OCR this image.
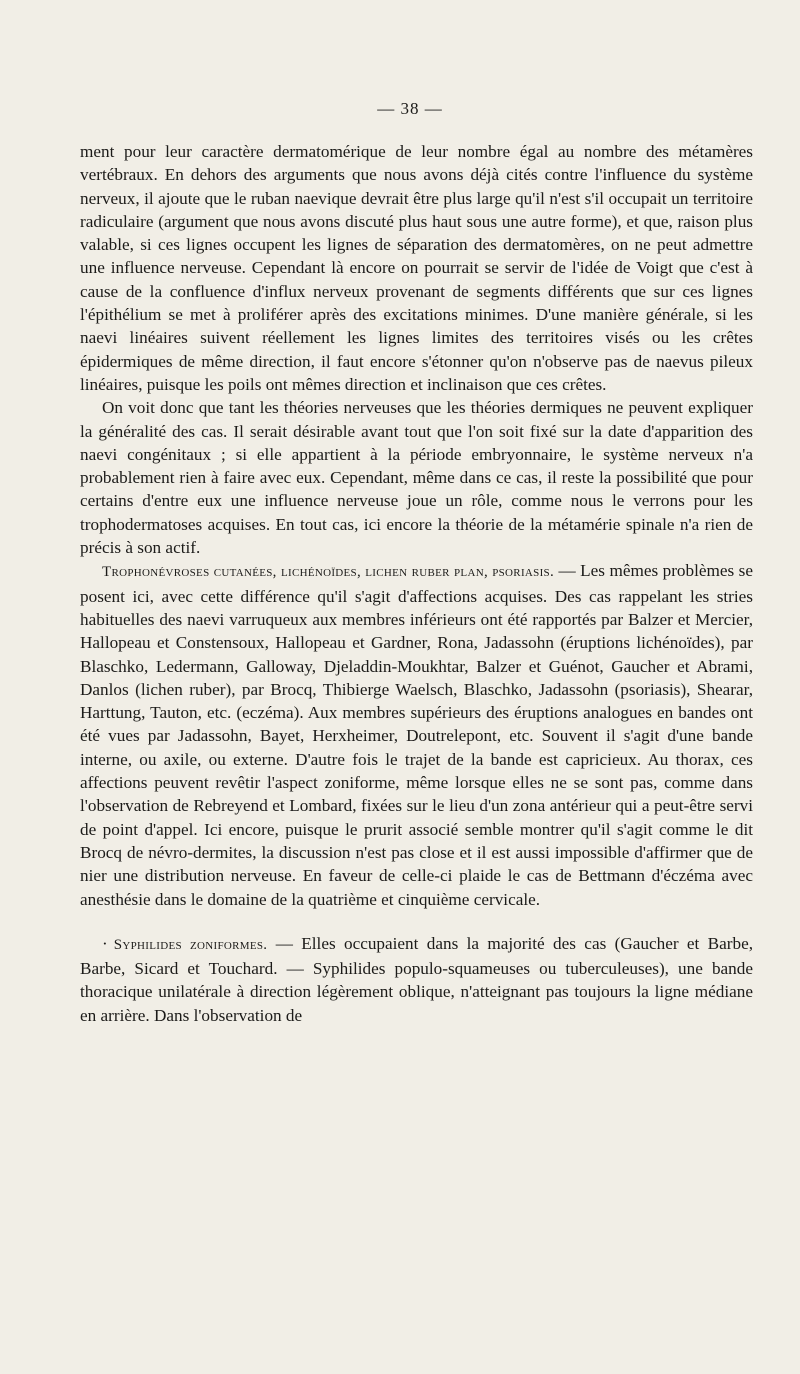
— 38 —

ment pour leur caractère dermatomérique de leur nombre égal au nombre des métamères vertébraux. En dehors des arguments que nous avons déjà cités contre l'influence du système nerveux, il ajoute que le ruban naevique devrait être plus large qu'il n'est s'il occupait un territoire radiculaire (argument que nous avons discuté plus haut sous une autre forme), et que, raison plus valable, si ces lignes occupent les lignes de séparation des dermatomères, on ne peut admettre une influence nerveuse. Cependant là encore on pourrait se servir de l'idée de Voigt que c'est à cause de la confluence d'influx nerveux provenant de segments différents que sur ces lignes l'épithélium se met à proliférer après des excitations minimes. D'une manière générale, si les naevi linéaires suivent réellement les lignes limites des territoires visés ou les crêtes épidermiques de même direction, il faut encore s'étonner qu'on n'observe pas de naevus pileux linéaires, puisque les poils ont mêmes direction et inclinaison que ces crêtes.

On voit donc que tant les théories nerveuses que les théories dermiques ne peuvent expliquer la généralité des cas. Il serait désirable avant tout que l'on soit fixé sur la date d'apparition des naevi congénitaux ; si elle appartient à la période embryonnaire, le système nerveux n'a probablement rien à faire avec eux. Cependant, même dans ce cas, il reste la possibilité que pour certains d'entre eux une influence nerveuse joue un rôle, comme nous le verrons pour les trophodermatoses acquises. En tout cas, ici encore la théorie de la métamérie spinale n'a rien de précis à son actif.

Trophonévroses cutanées, lichénoïdes, lichen ruber plan, psoriasis. — Les mêmes problèmes se posent ici, avec cette différence qu'il s'agit d'affections acquises. Des cas rappelant les stries habituelles des naevi varruqueux aux membres inférieurs ont été rapportés par Balzer et Mercier, Hallopeau et Constensoux, Hallopeau et Gardner, Rona, Jadassohn (éruptions lichénoïdes), par Blaschko, Ledermann, Galloway, Djeladdin-Moukhtar, Balzer et Guénot, Gaucher et Abrami, Danlos (lichen ruber), par Brocq, Thibierge Waelsch, Blaschko, Jadassohn (psoriasis), Shearar, Harttung, Tauton, etc. (eczéma). Aux membres supérieurs des éruptions analogues en bandes ont été vues par Jadassohn, Bayet, Herxheimer, Doutrelepont, etc. Souvent il s'agit d'une bande interne, ou axile, ou externe. D'autre fois le trajet de la bande est capricieux. Au thorax, ces affections peuvent revêtir l'aspect zoniforme, même lorsque elles ne se sont pas, comme dans l'observation de Rebreyend et Lombard, fixées sur le lieu d'un zona antérieur qui a peut-être servi de point d'appel. Ici encore, puisque le prurit associé semble montrer qu'il s'agit comme le dit Brocq de névro-dermites, la discussion n'est pas close et il est aussi impossible d'affirmer que de nier une distribution nerveuse. En faveur de celle-ci plaide le cas de Bettmann d'éczéma avec anesthésie dans le domaine de la quatrième et cinquième cervicale.

· Syphilides zoniformes. — Elles occupaient dans la majorité des cas (Gaucher et Barbe, Barbe, Sicard et Touchard. — Syphilides populo-squameuses ou tuberculeuses), une bande thoracique unilatérale à direction légèrement oblique, n'atteignant pas toujours la ligne médiane en arrière. Dans l'observation de
